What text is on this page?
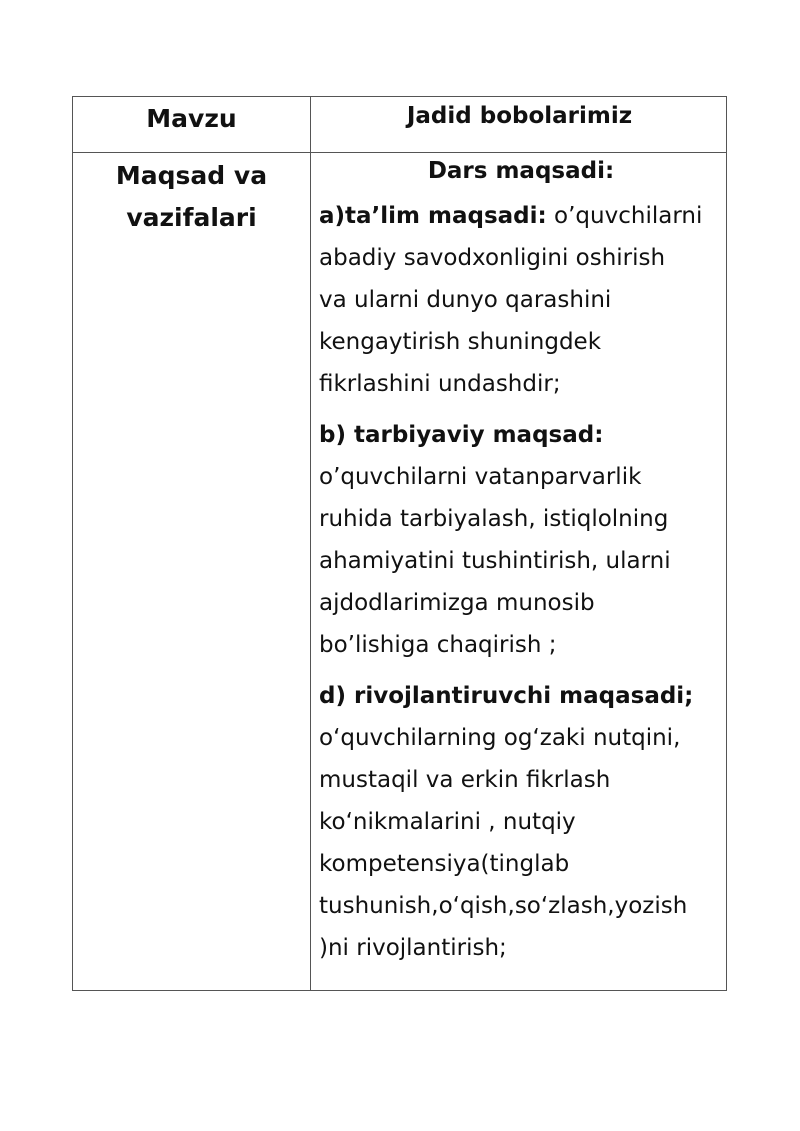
Mavzu	Jadid bobolarimiz
Maqsad va vazifalari
Dars maqsadi:
a)ta’lim maqsadi: o’quvchilarni
abadiy savodxonligini oshirish
va ularni dunyo qarashini
kengaytirish shuningdek
fikrlashini undashdir;
b) tarbiyaviy maqsad:
o’quvchilarni vatanparvarlik
ruhida tarbiyalash, istiqlolning
ahamiyatini tushintirish, ularni
ajdodlarimizga munosib
bo’lishiga chaqirish ;
d) rivojlantiruvchi maqasadi;
o‘quvchilarning og‘zaki nutqini,
mustaqil va erkin fikrlash
ko‘nikmalarini , nutqiy
kompetensiya(tinglab
tushunish,o‘qish,so‘zlash,yozish
)ni rivojlantirish;
